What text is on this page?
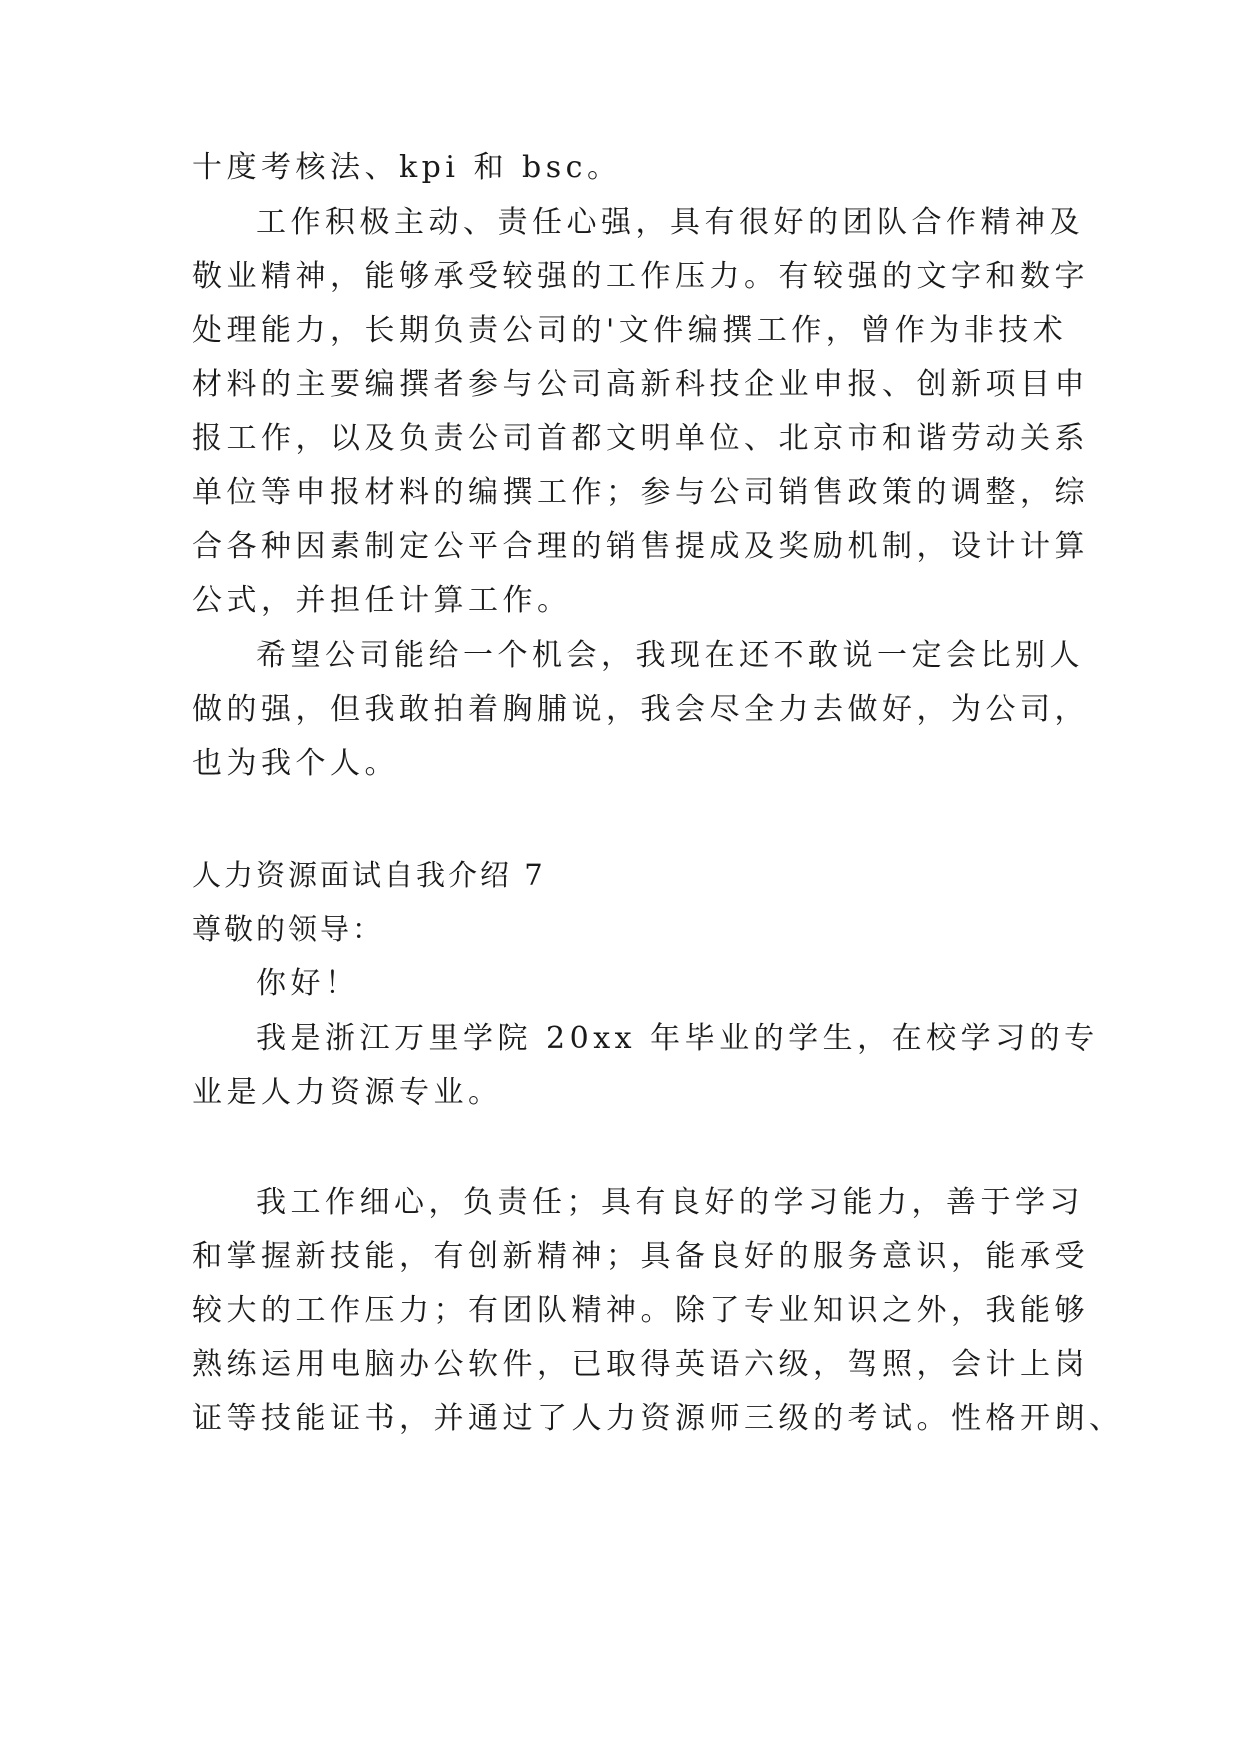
十度考核法、kpi 和 bsc。
工作积极主动、责任心强，具有很好的团队合作精神及
敬业精神，能够承受较强的工作压力。有较强的文字和数字
处理能力，长期负责公司的'文件编撰工作，曾作为非技术
材料的主要编撰者参与公司高新科技企业申报、创新项目申
报工作，以及负责公司首都文明单位、北京市和谐劳动关系
单位等申报材料的编撰工作；参与公司销售政策的调整，综
合各种因素制定公平合理的销售提成及奖励机制，设计计算
公式，并担任计算工作。
希望公司能给一个机会，我现在还不敢说一定会比别人
做的强，但我敢拍着胸脯说，我会尽全力去做好，为公司，
也为我个人。
人力资源面试自我介绍 7
尊敬的领导：
你好！
我是浙江万里学院 20xx 年毕业的学生，在校学习的专
业是人力资源专业。
我工作细心，负责任；具有良好的学习能力，善于学习
和掌握新技能，有创新精神；具备良好的服务意识，能承受
较大的工作压力；有团队精神。除了专业知识之外，我能够
熟练运用电脑办公软件，已取得英语六级，驾照，会计上岗
证等技能证书，并通过了人力资源师三级的考试。性格开朗、
